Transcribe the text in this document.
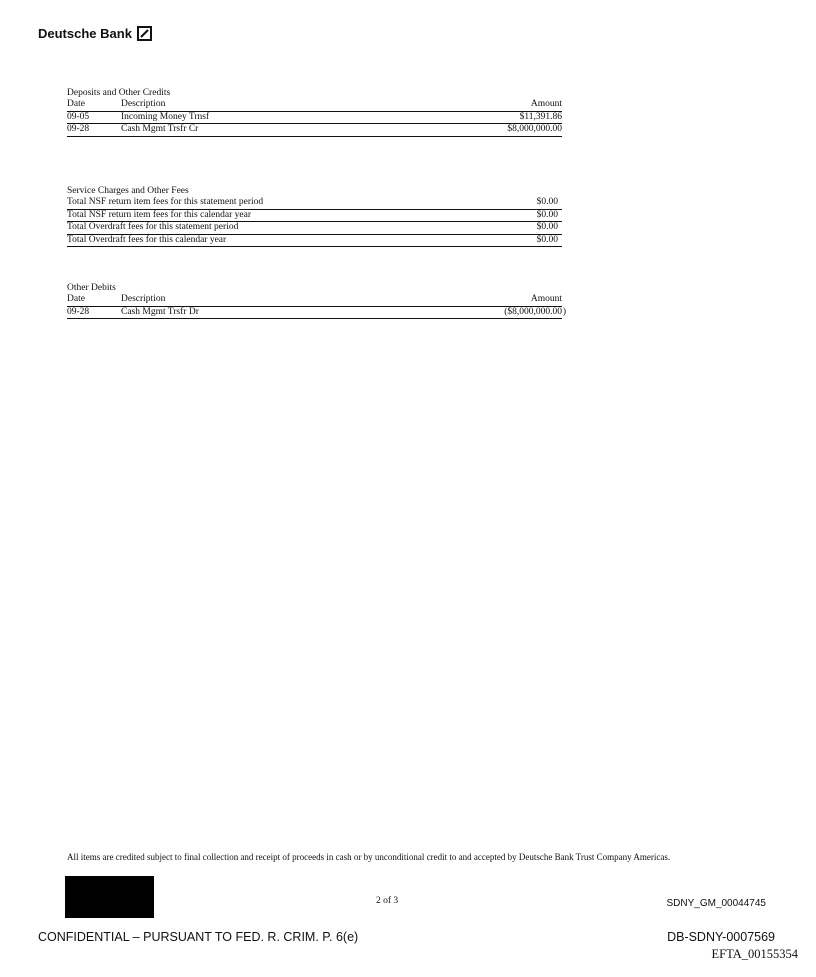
Deutsche Bank
Deposits and Other Credits
Date	Description	Amount
09-05	Incoming Money Trnsf	$11,391.86
09-28	Cash Mgmt Trsfr Cr	$8,000,000.00
Service Charges and Other Fees
Total NSF return item fees for this statement period	$0.00
Total NSF return item fees for this calendar year	$0.00
Total Overdraft fees for this statement period	$0.00
Total Overdraft fees for this calendar year	$0.00
Other Debits
Date	Description	Amount
09-28	Cash Mgmt Trsfr Dr	($8,000,000.00 )
All items are credited subject to final collection and receipt of proceeds in cash or by unconditional credit to and accepted by Deutsche Bank Trust Company Americas.
2 of 3	SDNY_GM_00044745
CONFIDENTIAL – PURSUANT TO FED. R. CRIM. P. 6(e)	DB-SDNY-0007569
EFTA_00155354
